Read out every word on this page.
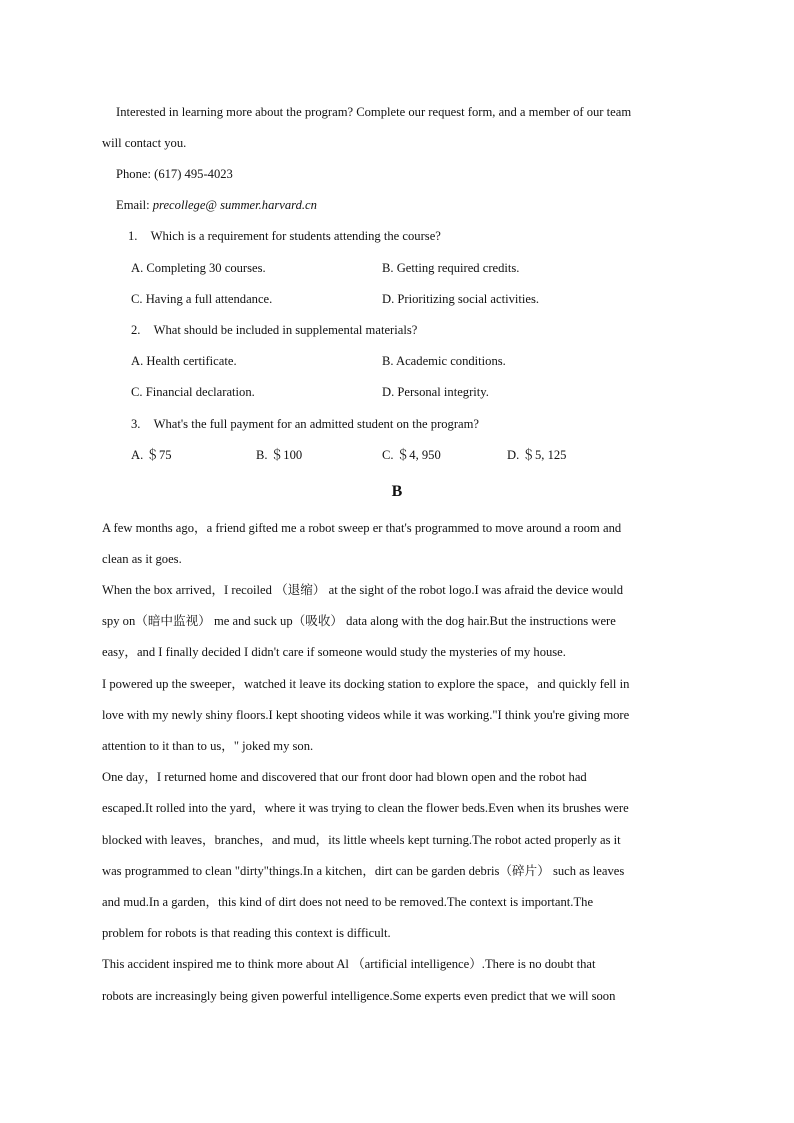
Interested in learning more about the program? Complete our request form, and a member of our team
will contact you.
Phone: (617) 495-4023
Email: precollege@ summer.harvard.cn
1. Which is a requirement for students attending the course?
A. Completing 30 courses.	B. Getting required credits.
C. Having a full attendance.	D. Prioritizing social activities.
2. What should be included in supplemental materials?
A. Health certificate.	B. Academic conditions.
C. Financial declaration.	D. Personal integrity.
3. What's the full payment for an admitted student on the program?
A. ＄75	B. ＄100	C. ＄4, 950	D. ＄5, 125
B
A few months ago，a friend gifted me a robot sweep er that's programmed to move around a room and
clean as it goes.
When the box arrived，I recoiled （退缩） at the sight of the robot logo.I was afraid the device would
spy on（暗中监视） me and suck up（吸收） data along with the dog hair.But the instructions were
easy，and I finally decided I didn't care if someone would study the mysteries of my house.
I powered up the sweeper，watched it leave its docking station to explore the space，and quickly fell in
love with my newly shiny floors.I kept shooting videos while it was working."I think you're giving more
attention to it than to us，" joked my son.
One day，I returned home and discovered that our front door had blown open and the robot had
escaped.It rolled into the yard，where it was trying to clean the flower beds.Even when its brushes were
blocked with leaves，branches，and mud，its little wheels kept turning.The robot acted properly as it
was programmed to clean "dirty"things.In a kitchen，dirt can be garden debris（碎片） such as leaves
and mud.In a garden，this kind of dirt does not need to be removed.The context is important.The
problem for robots is that reading this context is difficult.
This accident inspired me to think more about Al （artificial intelligence）.There is no doubt that
robots are increasingly being given powerful intelligence.Some experts even predict that we will soon
